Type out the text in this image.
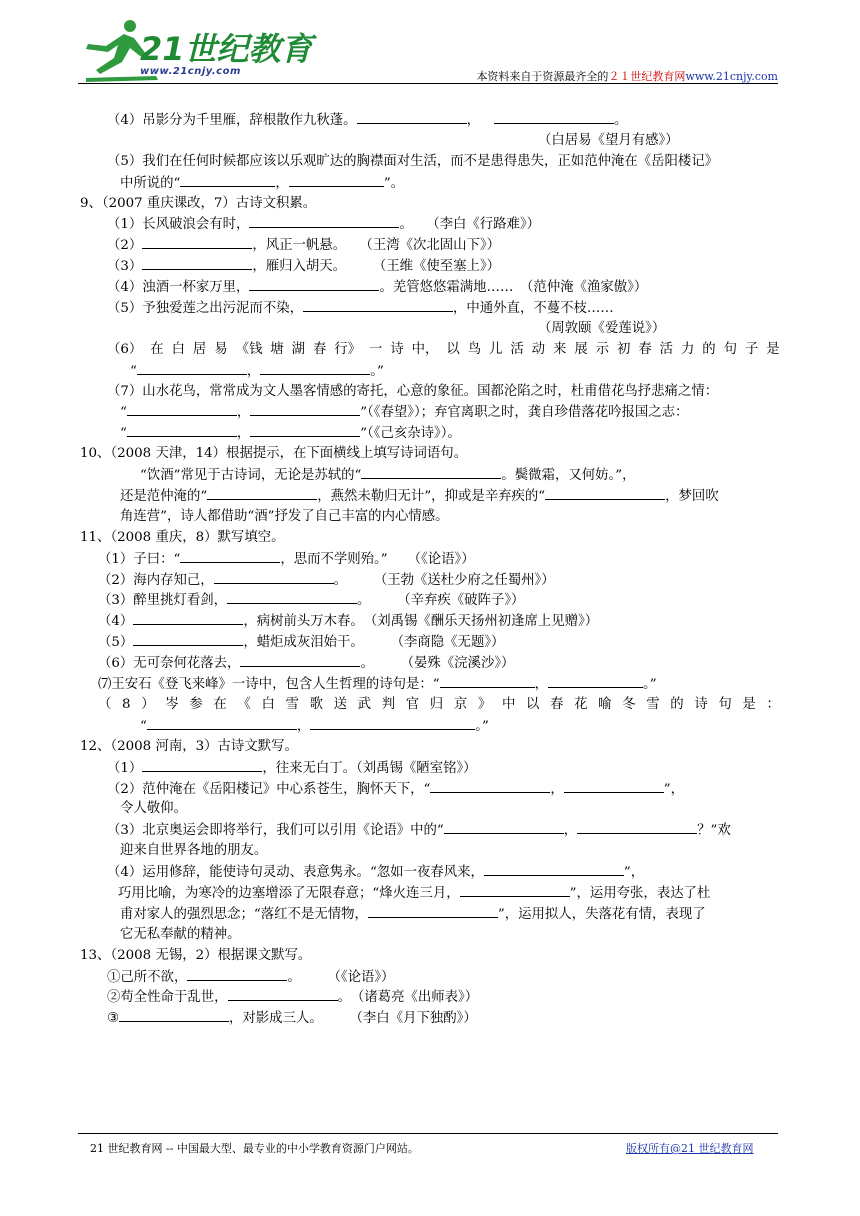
21世纪教育
www.21cnjy.com	本资料来自于资源最齐全的２１世纪教育网www.21cnjy.com
（4）吊影分为千里雁，辞根散作九秋蓬。	，	。
（白居易《望月有感》）
（5）我们在任何时候都应该以乐观旷达的胸襟面对生活，而不是患得患失，正如范仲淹在《岳阳楼记》
中所说的“	，	”。
9、（2007 重庆课改，7）古诗文积累。
（1）长风破浪会有时，	。　　（李白《行路难》）
（2）	，风正一帆悬。　　（王湾《次北固山下》）
（3）	，雁归入胡天。　　　（王维《使至塞上》）
（4）浊酒一杯家万里，	。羌管悠悠霜满地……　（范仲淹《渔家傲》）
（5）予独爱莲之出污泥而不染，	，中通外直，不蔓不枝……
（周敦颐《爱莲说》）
（6） 在 白 居 易 《钱 塘 湖 春 行》 一 诗 中， 以 鸟 儿 活 动 来 展 示 初 春 活 力 的 句 子 是
“	，	。”
（7）山水花鸟，常常成为文人墨客情感的寄托，心意的象征。国都沦陷之时，杜甫借花鸟抒悲痛之情：
“	，	”（《春望》）；弃官离职之时，龚自珍借落花吟报国之志：
“	，	”（《己亥杂诗》）。
10、（2008 天津，14）根据提示，在下面横线上填写诗词语句。
“饮酒”常见于古诗词，无论是苏轼的“	。鬓微霜，又何妨。”，
还是范仲淹的“	，燕然未勒归无计”，抑或是辛弃疾的“	，梦回吹
角连营”，诗人都借助“酒”抒发了自己丰富的内心情感。
11、（2008 重庆，8）默写填空。
（1）子曰：“	，思而不学则殆。”　　（《论语》）
（2）海内存知己，	。　　　（王勃《送杜少府之任蜀州》）
（3）醉里挑灯看剑，	。　　　（辛弃疾《破阵子》）
（4）	，病树前头万木春。　（刘禹锡《酬乐天扬州初逢席上见赠》）
（5）	，蜡炬成灰泪始干。　　　（李商隐《无题》）
（6）无可奈何花落去，	。　　　（晏殊《浣溪沙》）
⑺王安石《登飞来峰》一诗中，包含人生哲理的诗句是：“	，	。”
（ 8 ） 岑 参 在 《 白 雪 歌 送 武 判 官 归 京 》 中 以 春 花 喻 冬 雪 的 诗 句 是 ：
“	，	。”
12、（2008 河南，3）古诗文默写。
（1）	，往来无白丁。（刘禹锡《陋室铭》）
（2）范仲淹在《岳阳楼记》中心系苍生，胸怀天下，“	，	”，
令人敬仰。
（3）北京奥运会即将举行，我们可以引用《论语》中的“	，	？”欢
迎来自世界各地的朋友。
（4）运用修辞，能使诗句灵动、表意隽永。“忽如一夜春风来，	”，
巧用比喻，为寒冷的边塞增添了无限春意；“烽火连三月，	”，运用夸张，表达了杜
甫对家人的强烈思念；“落红不是无情物，	”，运用拟人，失落花有情，表现了
它无私奉献的精神。
13、（2008 无锡，2）根据课文默写。
①己所不欲，	。　　　（《论语》）
②苟全性命于乱世，	。　（诸葛亮《出师表》）
③	，对影成三人。　　　（李白《月下独酌》）
21 世纪教育网 -- 中国最大型、最专业的中小学教育资源门户网站。	版权所有@21 世纪教育网
